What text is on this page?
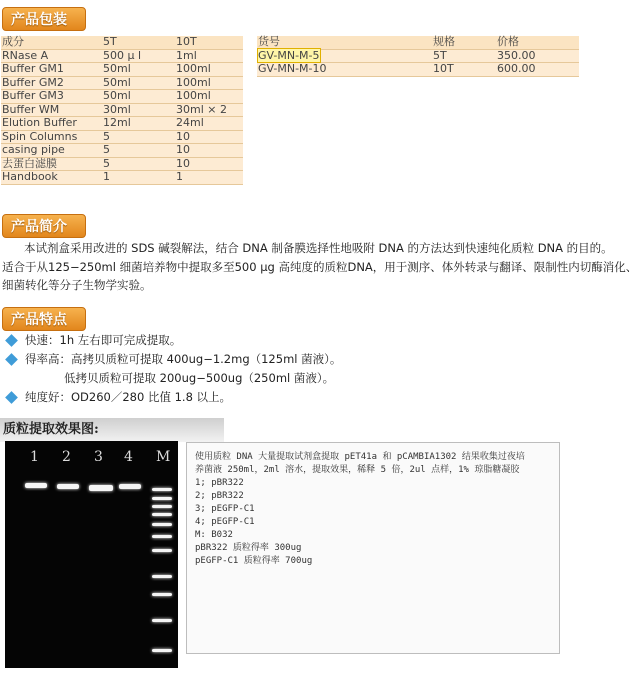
产品包装
成分	5T	10T
RNase A	500 μ l	1ml
Buffer GM1	50ml	100ml
Buffer GM2	50ml	100ml
Buffer GM3	50ml	100ml
Buffer WM	30ml	30ml × 2
Elution Buffer	12ml	24ml
Spin Columns	5	10
casing pipe	5	10
去蛋白滤膜	5	10
Handbook	1	1
货号	规格	价格
GV-MN-M-5	5T	350.00
GV-MN-M-10	10T	600.00
产品简介
本试剂盒采用改进的 SDS 碱裂解法，结合 DNA 制备膜选择性地吸附 DNA 的方法达到快速纯化质粒 DNA 的目的。
适合于从125−250ml 细菌培养物中提取多至500 μg 高纯度的质粒DNA，用于测序、体外转录与翻译、限制性内切酶消化、
细菌转化等分子生物学实验。
产品特点
快速：1h 左右即可完成提取。
得率高：高拷贝质粒可提取 400ug−1.2mg（125ml 菌液）。
低拷贝质粒可提取 200ug−500ug（250ml 菌液）。
纯度好：OD260／280 比值 1.8 以上。
质粒提取效果图:
1 2 3 4 M	使用质粒 DNA 大量提取试剂盒提取 pET41a 和 pCAMBIA1302 结果收集过夜培
养菌液 250ml，2ml 溶水，提取效果，稀释 5 倍，2ul 点样，1% 琼脂糖凝胶
1; pBR322
2; pBR322
3; pEGFP-C1
4; pEGFP-C1
M: B032
pBR322 质粒得率 300ug
pEGFP-C1 质粒得率 700ug
